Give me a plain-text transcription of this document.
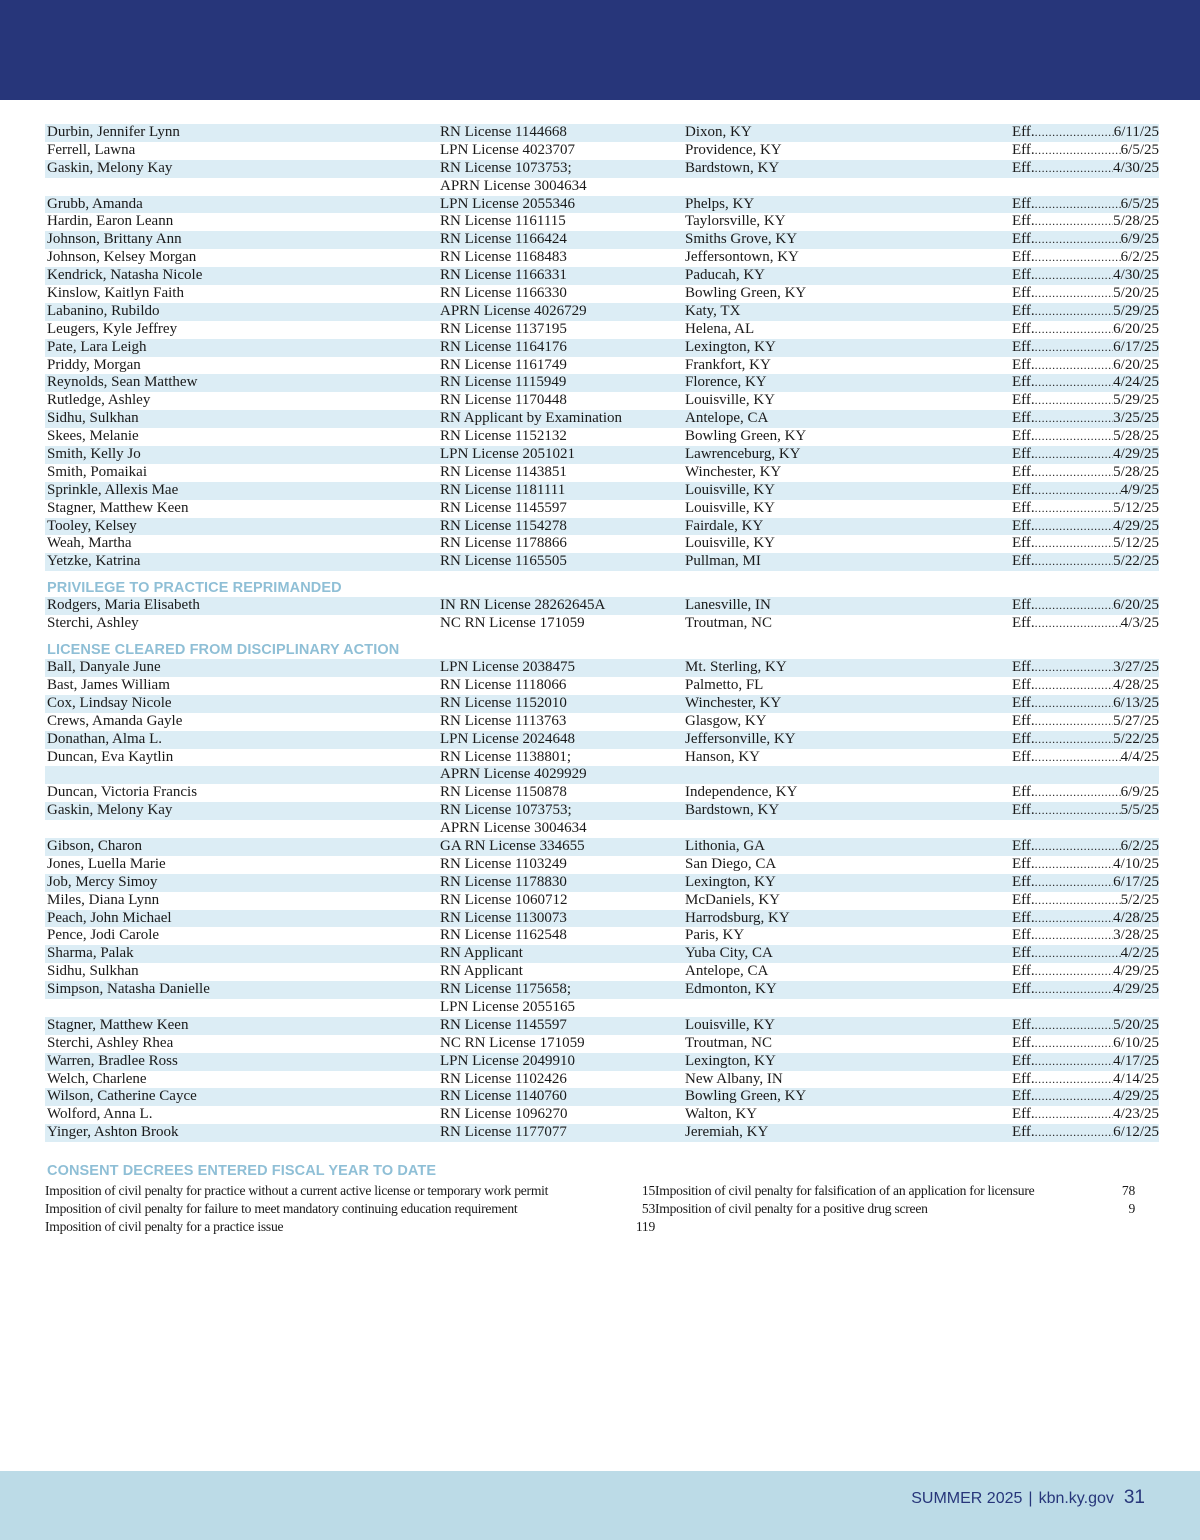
Durbin, Jennifer Lynn	RN License 1144668	Dixon, KY	Eff. .....	6/11/25
Ferrell, Lawna	LPN License 4023707	Providence, KY	Eff. .....	6/5/25
Gaskin, Melony Kay	RN License 1073753;	Bardstown, KY	Eff. .....	4/30/25
APRN License 3004634
Grubb, Amanda	LPN License 2055346	Phelps, KY	Eff. .....	6/5/25
Hardin, Earon Leann	RN License 1161115	Taylorsville, KY	Eff. .....	5/28/25
Johnson, Brittany Ann	RN License 1166424	Smiths Grove, KY	Eff. .....	6/9/25
Johnson, Kelsey Morgan	RN License 1168483	Jeffersontown, KY	Eff. .....	6/2/25
Kendrick, Natasha Nicole	RN License 1166331	Paducah, KY	Eff. .....	4/30/25
Kinslow, Kaitlyn Faith	RN License 1166330	Bowling Green, KY	Eff. .....	5/20/25
Labanino, Rubildo	APRN License 4026729	Katy, TX	Eff. .....	5/29/25
Leugers, Kyle Jeffrey	RN License 1137195	Helena, AL	Eff. .....	6/20/25
Pate, Lara Leigh	RN License 1164176	Lexington, KY	Eff. .....	6/17/25
Priddy, Morgan	RN License 1161749	Frankfort, KY	Eff. .....	6/20/25
Reynolds, Sean Matthew	RN License 1115949	Florence, KY	Eff. .....	4/24/25
Rutledge, Ashley	RN License 1170448	Louisville, KY	Eff. .....	5/29/25
Sidhu, Sulkhan	RN Applicant by Examination	Antelope, CA	Eff. .....	3/25/25
Skees, Melanie	RN License 1152132	Bowling Green, KY	Eff. .....	5/28/25
Smith, Kelly Jo	LPN License 2051021	Lawrenceburg, KY	Eff. .....	4/29/25
Smith, Pomaikai	RN License 1143851	Winchester, KY	Eff. .....	5/28/25
Sprinkle, Allexis Mae	RN License 1181111	Louisville, KY	Eff. .....	4/9/25
Stagner, Matthew Keen	RN License 1145597	Louisville, KY	Eff. .....	5/12/25
Tooley, Kelsey	RN License 1154278	Fairdale, KY	Eff. .....	4/29/25
Weah, Martha	RN License 1178866	Louisville, KY	Eff. .....	5/12/25
Yetzke, Katrina	RN License 1165505	Pullman, MI	Eff. .....	5/22/25
PRIVILEGE TO PRACTICE REPRIMANDED
Rodgers, Maria Elisabeth	IN RN License 28262645A	Lanesville, IN	Eff. .....	6/20/25
Sterchi, Ashley	NC RN License 171059	Troutman, NC	Eff. .....	4/3/25
LICENSE CLEARED FROM DISCIPLINARY ACTION
Ball, Danyale June	LPN License 2038475	Mt. Sterling, KY	Eff. .....	3/27/25
Bast, James William	RN License 1118066	Palmetto, FL	Eff. .....	4/28/25
Cox, Lindsay Nicole	RN License 1152010	Winchester, KY	Eff. .....	6/13/25
Crews, Amanda Gayle	RN License 1113763	Glasgow, KY	Eff. .....	5/27/25
Donathan, Alma L.	LPN License 2024648	Jeffersonville, KY	Eff. .....	5/22/25
Duncan, Eva Kaytlin	RN License 1138801;	Hanson, KY	Eff. .....	4/4/25
APRN License 4029929
Duncan, Victoria Francis	RN License 1150878	Independence, KY	Eff. .....	6/9/25
Gaskin, Melony Kay	RN License 1073753;	Bardstown, KY	Eff. .....	5/5/25
APRN License 3004634
Gibson, Charon	GA RN License 334655	Lithonia, GA	Eff. .....	6/2/25
Jones, Luella Marie	RN License 1103249	San Diego, CA	Eff. .....	4/10/25
Job, Mercy Simoy	RN License 1178830	Lexington, KY	Eff. .....	6/17/25
Miles, Diana Lynn	RN License 1060712	McDaniels, KY	Eff. .....	5/2/25
Peach, John Michael	RN License 1130073	Harrodsburg, KY	Eff. .....	4/28/25
Pence, Jodi Carole	RN License 1162548	Paris, KY	Eff. .....	3/28/25
Sharma, Palak	RN Applicant	Yuba City, CA	Eff. .....	4/2/25
Sidhu, Sulkhan	RN Applicant	Antelope, CA	Eff. .....	4/29/25
Simpson, Natasha Danielle	RN License 1175658;	Edmonton, KY	Eff. .....	4/29/25
LPN License 2055165
Stagner, Matthew Keen	RN License 1145597	Louisville, KY	Eff. .....	5/20/25
Sterchi, Ashley Rhea	NC RN License 171059	Troutman, NC	Eff. .....	6/10/25
Warren, Bradlee Ross	LPN License 2049910	Lexington, KY	Eff. .....	4/17/25
Welch, Charlene	RN License 1102426	New Albany, IN	Eff. .....	4/14/25
Wilson, Catherine Cayce	RN License 1140760	Bowling Green, KY	Eff. .....	4/29/25
Wolford, Anna L.	RN License 1096270	Walton, KY	Eff. .....	4/23/25
Yinger, Ashton Brook	RN License 1177077	Jeremiah, KY	Eff. .....	6/12/25
CONSENT DECREES ENTERED FISCAL YEAR TO DATE
Imposition of civil penalty for practice without a current active license or temporary work permit	15
Imposition of civil penalty for failure to meet mandatory continuing education requirement	53
Imposition of civil penalty for a practice issue	119
Imposition of civil penalty for falsification of an application for licensure	78
Imposition of civil penalty for a positive drug screen	9
SUMMER 2025 | kbn.ky.gov 31
